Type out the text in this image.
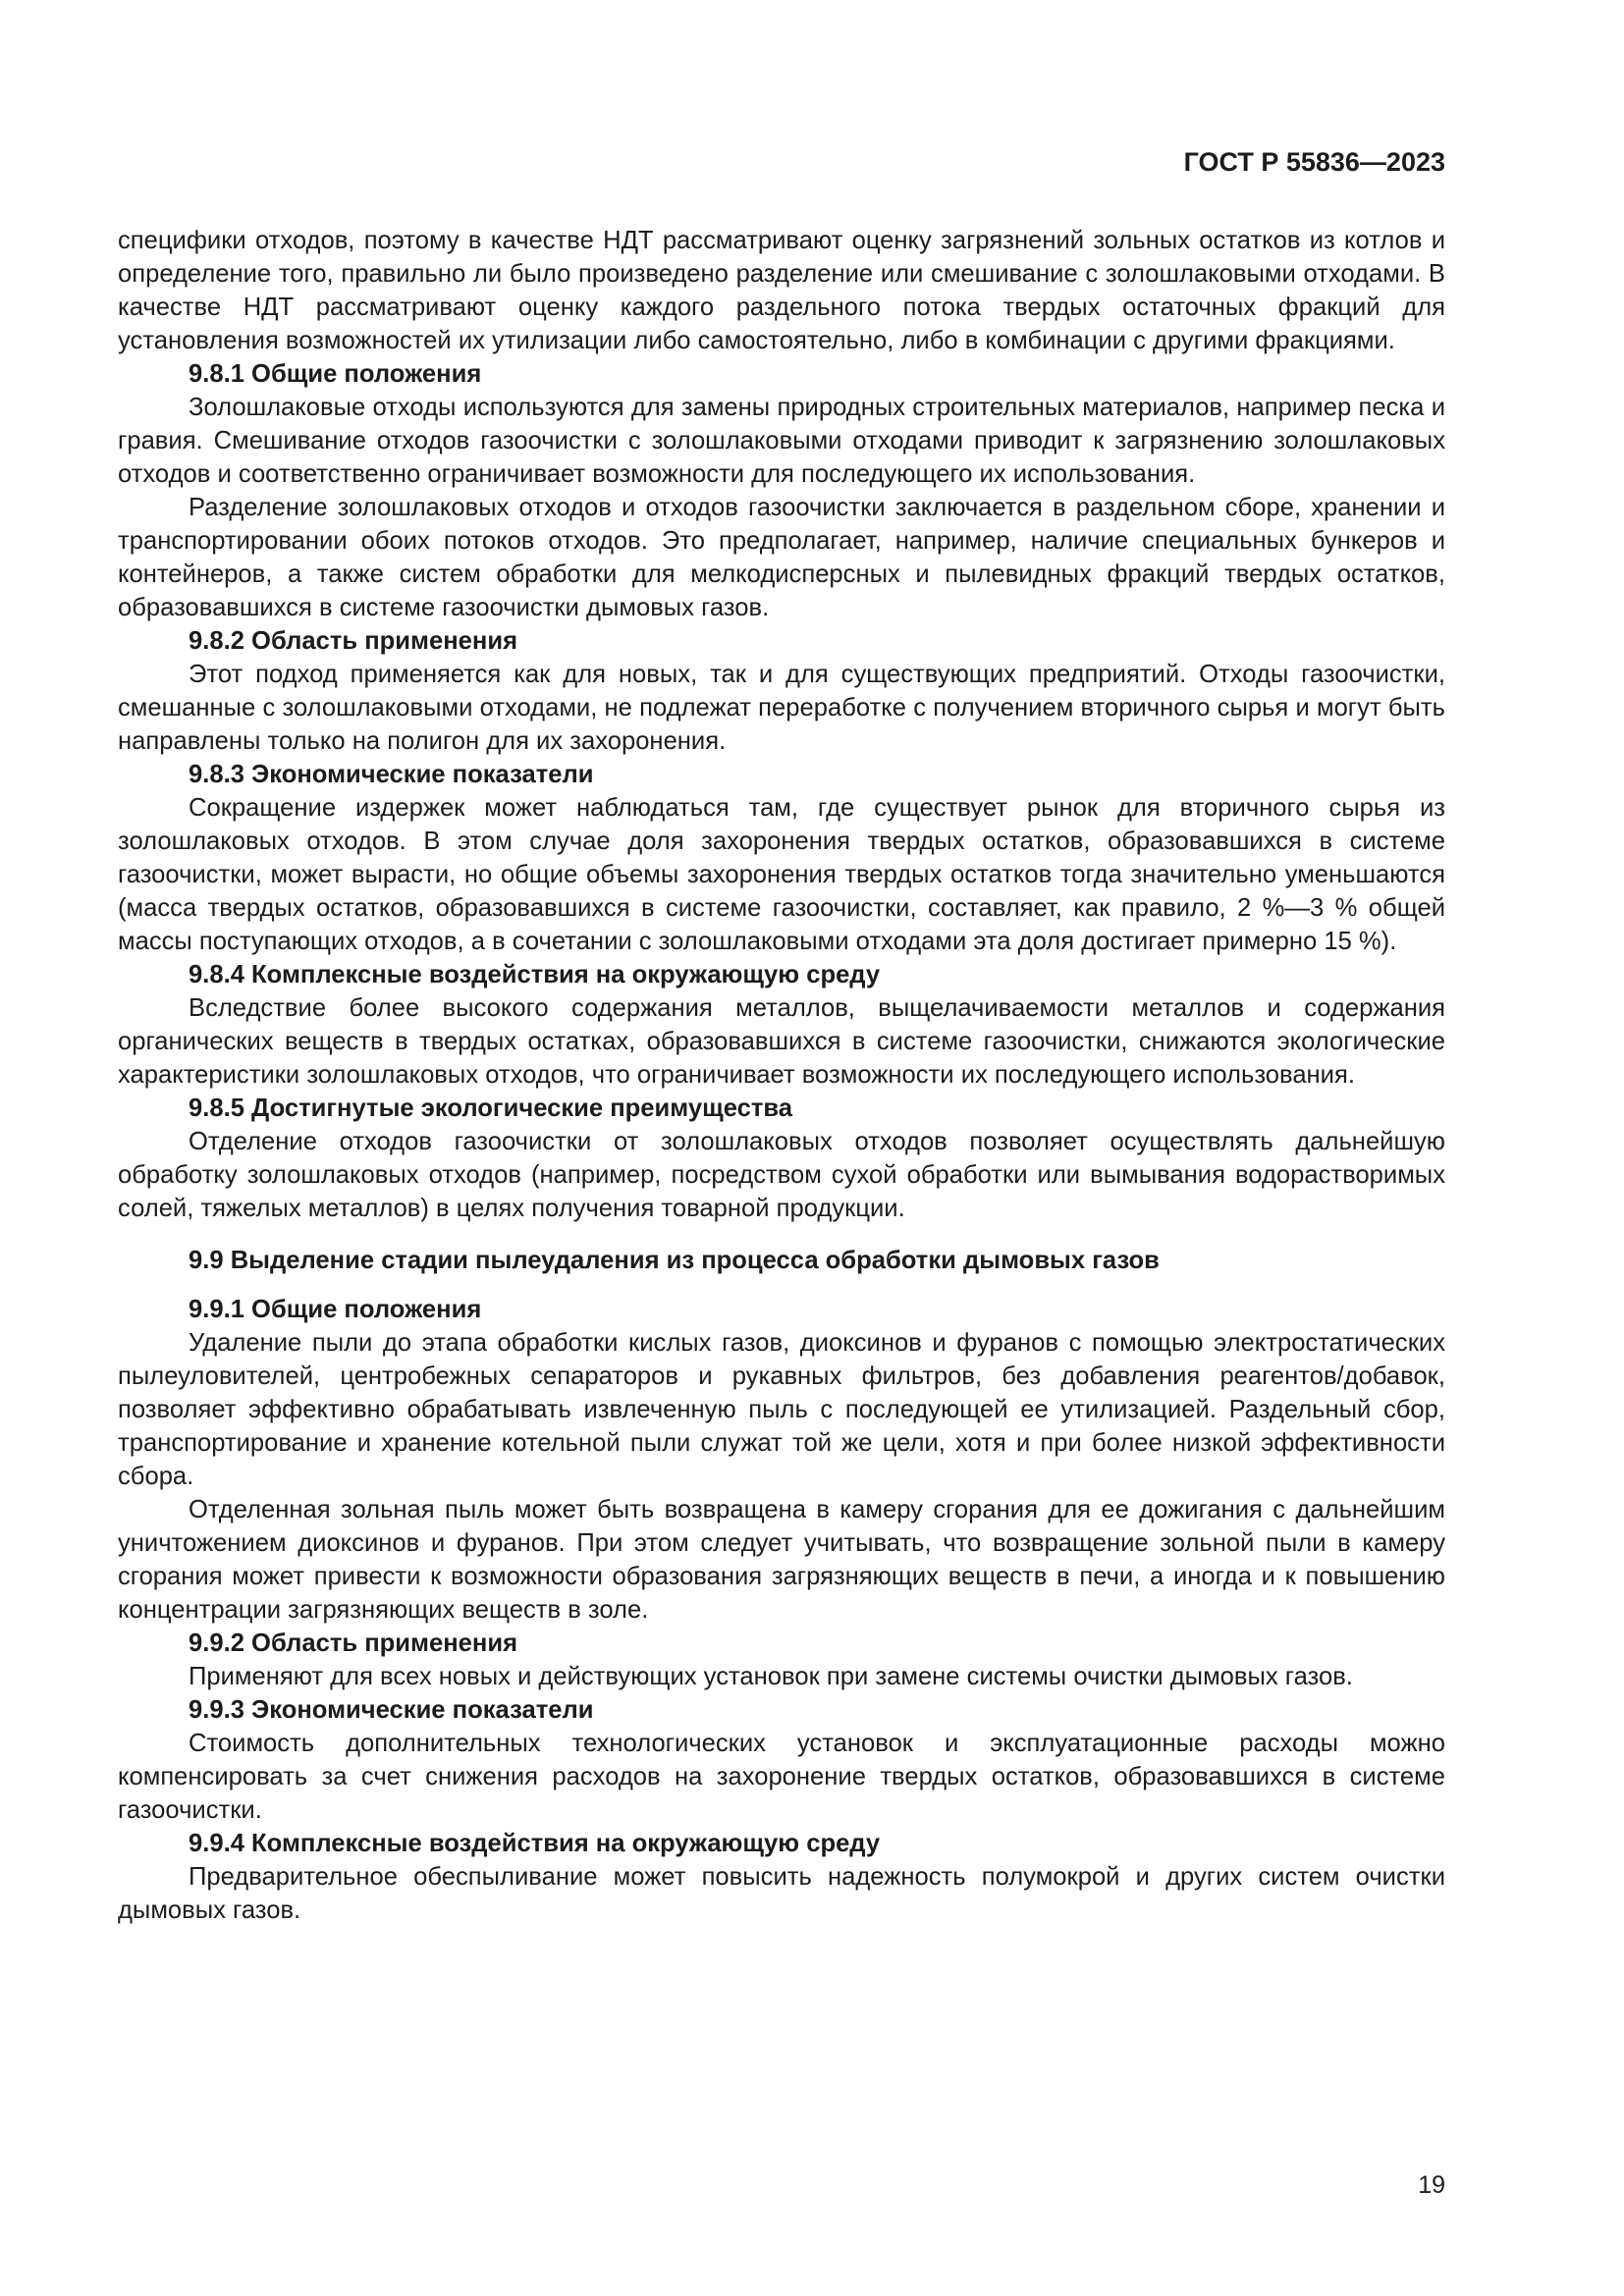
ГОСТ Р 55836—2023

специфики отходов, поэтому в качестве НДТ рассматривают оценку загрязнений зольных остатков из котлов и определение того, правильно ли было произведено разделение или смешивание с золошлаковыми отходами. В качестве НДТ рассматривают оценку каждого раздельного потока твердых остаточных фракций для установления возможностей их утилизации либо самостоятельно, либо в комбинации с другими фракциями.

9.8.1 Общие положения

Золошлаковые отходы используются для замены природных строительных материалов, например песка и гравия. Смешивание отходов газоочистки с золошлаковыми отходами приводит к загрязнению золошлаковых отходов и соответственно ограничивает возможности для последующего их использования.

Разделение золошлаковых отходов и отходов газоочистки заключается в раздельном сборе, хранении и транспортировании обоих потоков отходов. Это предполагает, например, наличие специальных бункеров и контейнеров, а также систем обработки для мелкодисперсных и пылевидных фракций твердых остатков, образовавшихся в системе газоочистки дымовых газов.

9.8.2 Область применения

Этот подход применяется как для новых, так и для существующих предприятий. Отходы газоочистки, смешанные с золошлаковыми отходами, не подлежат переработке с получением вторичного сырья и могут быть направлены только на полигон для их захоронения.

9.8.3 Экономические показатели

Сокращение издержек может наблюдаться там, где существует рынок для вторичного сырья из золошлаковых отходов. В этом случае доля захоронения твердых остатков, образовавшихся в системе газоочистки, может вырасти, но общие объемы захоронения твердых остатков тогда значительно уменьшаются (масса твердых остатков, образовавшихся в системе газоочистки, составляет, как правило, 2 %—3 % общей массы поступающих отходов, а в сочетании с золошлаковыми отходами эта доля достигает примерно 15 %).

9.8.4 Комплексные воздействия на окружающую среду

Вследствие более высокого содержания металлов, выщелачиваемости металлов и содержания органических веществ в твердых остатках, образовавшихся в системе газоочистки, снижаются экологические характеристики золошлаковых отходов, что ограничивает возможности их последующего использования.

9.8.5 Достигнутые экологические преимущества

Отделение отходов газоочистки от золошлаковых отходов позволяет осуществлять дальнейшую обработку золошлаковых отходов (например, посредством сухой обработки или вымывания водорастворимых солей, тяжелых металлов) в целях получения товарной продукции.

9.9 Выделение стадии пылеудаления из процесса обработки дымовых газов
9.9.1 Общие положения

Удаление пыли до этапа обработки кислых газов, диоксинов и фуранов с помощью электростатических пылеуловителей, центробежных сепараторов и рукавных фильтров, без добавления реагентов/добавок, позволяет эффективно обрабатывать извлеченную пыль с последующей ее утилизацией. Раздельный сбор, транспортирование и хранение котельной пыли служат той же цели, хотя и при более низкой эффективности сбора.

Отделенная зольная пыль может быть возвращена в камеру сгорания для ее дожигания с дальнейшим уничтожением диоксинов и фуранов. При этом следует учитывать, что возвращение зольной пыли в камеру сгорания может привести к возможности образования загрязняющих веществ в печи, а иногда и к повышению концентрации загрязняющих веществ в золе.

9.9.2 Область применения

Применяют для всех новых и действующих установок при замене системы очистки дымовых газов.

9.9.3 Экономические показатели

Стоимость дополнительных технологических установок и эксплуатационные расходы можно компенсировать за счет снижения расходов на захоронение твердых остатков, образовавшихся в системе газоочистки.

9.9.4 Комплексные воздействия на окружающую среду

Предварительное обеспыливание может повысить надежность полумокрой и других систем очистки дымовых газов.

19
